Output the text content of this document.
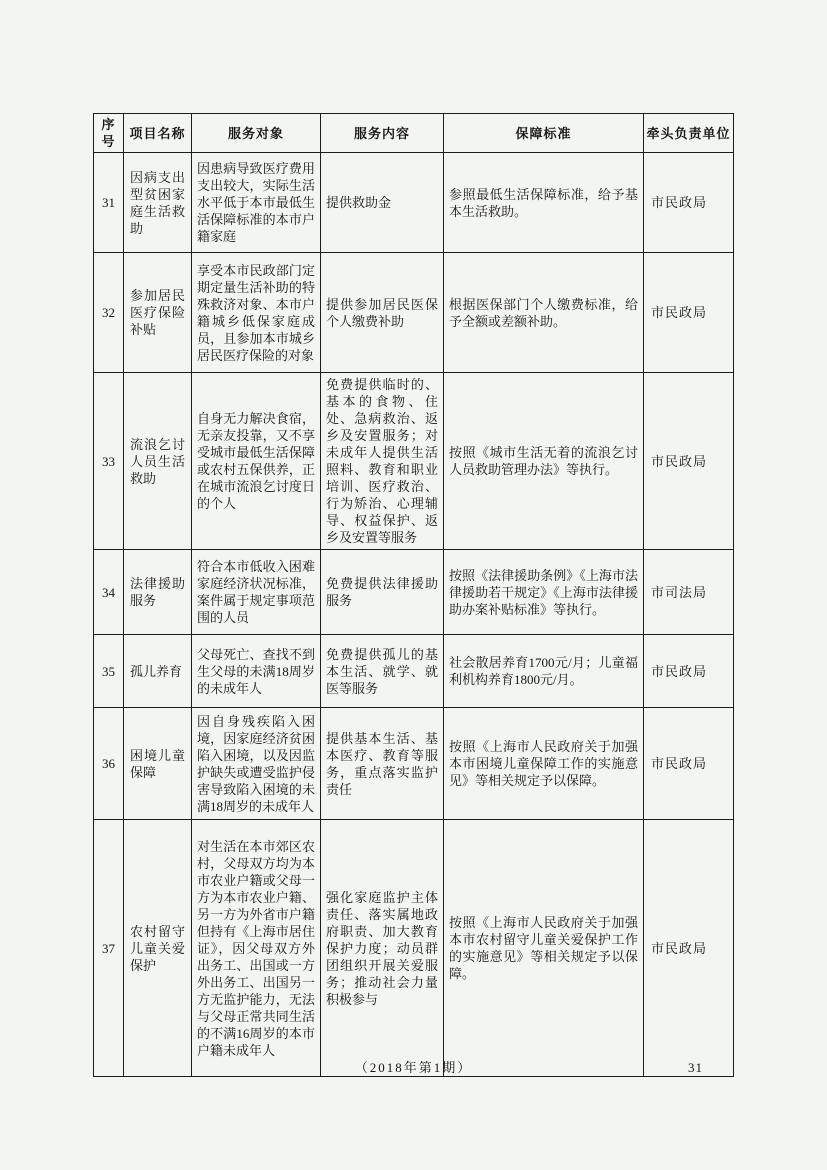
序号	项目名称	服务对象	服务内容	保障标准	牵头负责单位
31	因病支出型贫困家庭生活救助	因患病导致医疗费用支出较大，实际生活水平低于本市最低生活保障标准的本市户籍家庭	提供救助金	参照最低生活保障标准，给予基本生活救助。	市民政局
32	参加居民医疗保险补贴	享受本市民政部门定期定量生活补助的特殊救济对象、本市户籍城乡低保家庭成员，且参加本市城乡居民医疗保险的对象	提供参加居民医保个人缴费补助	根据医保部门个人缴费标准，给予全额或差额补助。	市民政局
33	流浪乞讨人员生活救助	自身无力解决食宿，无亲友投靠，又不享受城市最低生活保障或农村五保供养，正在城市流浪乞讨度日的个人	免费提供临时的、基本的食物、住处、急病救治、返乡及安置服务；对未成年人提供生活照料、教育和职业培训、医疗救治、行为矫治、心理辅导、权益保护、返乡及安置等服务	按照《城市生活无着的流浪乞讨人员救助管理办法》等执行。	市民政局
34	法律援助服务	符合本市低收入困难家庭经济状况标准，案件属于规定事项范围的人员	免费提供法律援助服务	按照《法律援助条例》《上海市法律援助若干规定》《上海市法律援助办案补贴标准》等执行。	市司法局
35	孤儿养育	父母死亡、查找不到生父母的未满18周岁的未成年人	免费提供孤儿的基本生活、就学、就医等服务	社会散居养育1700元/月；儿童福利机构养育1800元/月。	市民政局
36	困境儿童保障	因自身残疾陷入困境，因家庭经济贫困陷入困境，以及因监护缺失或遭受监护侵害导致陷入困境的未满18周岁的未成年人	提供基本生活、基本医疗、教育等服务，重点落实监护责任	按照《上海市人民政府关于加强本市困境儿童保障工作的实施意见》等相关规定予以保障。	市民政局
37	农村留守儿童关爱保护	对生活在本市郊区农村，父母双方均为本市农业户籍或父母一方为本市农业户籍、另一方为外省市户籍但持有《上海市居住证》，因父母双方外出务工、出国或一方外出务工、出国另一方无监护能力，无法与父母正常共同生活的不满16周岁的本市户籍未成年人	强化家庭监护主体责任、落实属地政府职责、加大教育保护力度；动员群团组织开展关爱服务；推动社会力量积极参与	按照《上海市人民政府关于加强本市农村留守儿童关爱保护工作的实施意见》等相关规定予以保障。	市民政局
（2018年第1期）	31
